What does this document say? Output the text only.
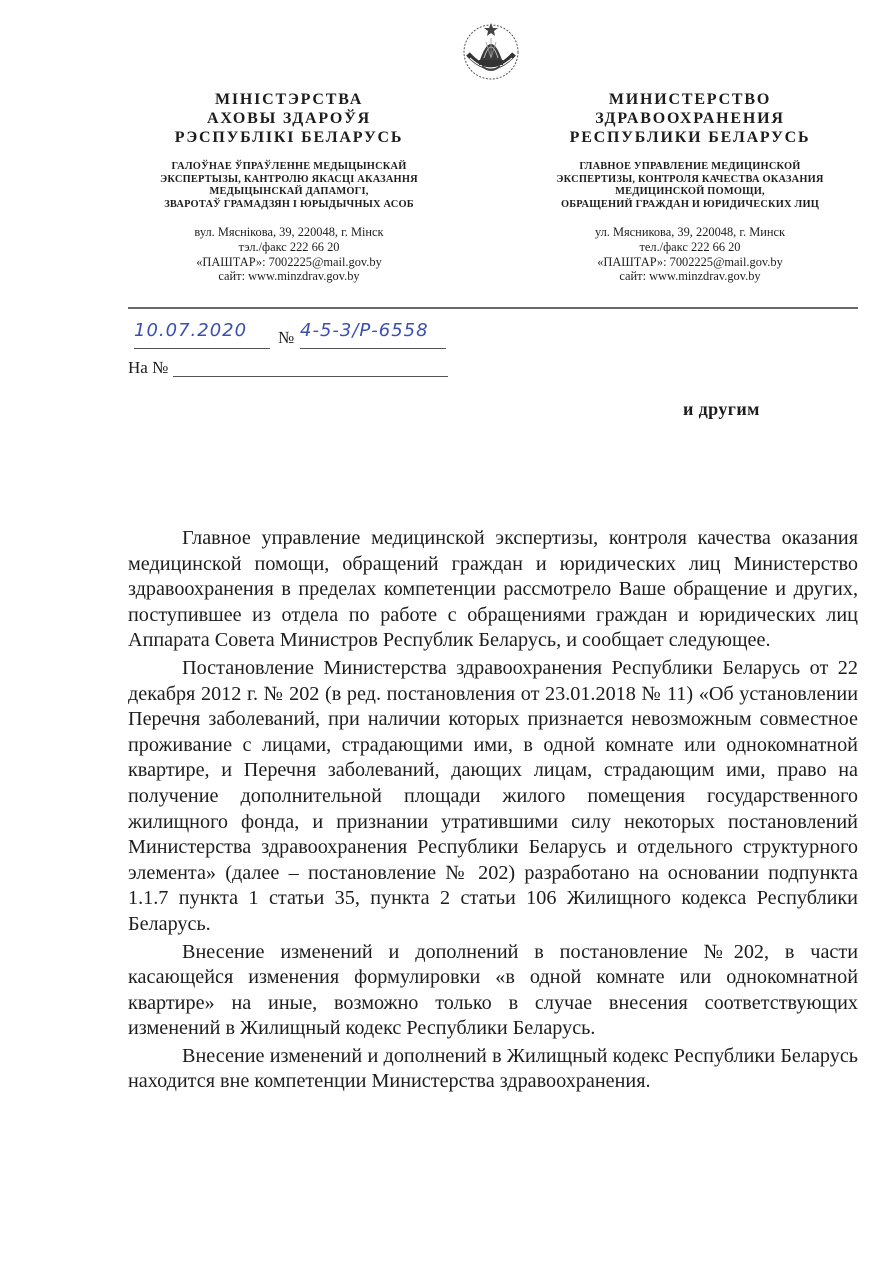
МІНІСТЭРСТВА
АХОВЫ ЗДАРОЎЯ
РЭСПУБЛІКІ БЕЛАРУСЬ
ГАЛОЎНАЕ ЎПРАЎЛЕННЕ МЕДЫЦЫНСКАЙ
ЭКСПЕРТЫЗЫ, КАНТРОЛЮ ЯКАСЦІ АКАЗАННЯ
МЕДЫЦЫНСКАЙ ДАПАМОГІ,
ЗВАРОТАЎ ГРАМАДЗЯН І ЮРЫДЫЧНЫХ АСОБ
вул. Мяснікова, 39, 220048, г. Мінск
тэл./факс 222 66 20
«ПАШТАР»: 7002225@mail.gov.by
сайт: www.minzdrav.gov.by
МИНИСТЕРСТВО
ЗДРАВООХРАНЕНИЯ
РЕСПУБЛИКИ БЕЛАРУСЬ
ГЛАВНОЕ УПРАВЛЕНИЕ МЕДИЦИНСКОЙ
ЭКСПЕРТИЗЫ, КОНТРОЛЯ КАЧЕСТВА ОКАЗАНИЯ
МЕДИЦИНСКОЙ ПОМОЩИ,
ОБРАЩЕНИЙ ГРАЖДАН И ЮРИДИЧЕСКИХ ЛИЦ
ул. Мясникова, 39, 220048, г. Минск
тел./факс 222 66 20
«ПАШТАР»: 7002225@mail.gov.by
сайт: www.minzdrav.gov.by
10.07.2020	№ 4-5-3/Р-6558
На №
и другим

Главное управление медицинской экспертизы, контроля качества оказания медицинской помощи, обращений граждан и юридических лиц Министерство здравоохранения в пределах компетенции рассмотрело Ваше обращение и других, поступившее из отдела по работе с обращениями граждан и юридических лиц Аппарата Совета Министров Республик Беларусь, и сообщает следующее.

Постановление Министерства здравоохранения Республики Беларусь от 22 декабря 2012 г. № 202 (в ред. постановления от 23.01.2018 № 11) «Об установлении Перечня заболеваний, при наличии которых признается невозможным совместное проживание с лицами, страдающими ими, в одной комнате или однокомнатной квартире, и Перечня заболеваний, дающих лицам, страдающим ими, право на получение дополнительной площади жилого помещения государственного жилищного фонда, и признании утратившими силу некоторых постановлений Министерства здравоохранения Республики Беларусь и отдельного структурного элемента» (далее – постановление № 202) разработано на основании подпункта 1.1.7 пункта 1 статьи 35, пункта 2 статьи 106 Жилищного кодекса Республики Беларусь.

Внесение изменений и дополнений в постановление №202, в части касающейся изменения формулировки «в одной комнате или однокомнатной квартире» на иные, возможно только в случае внесения соответствующих изменений в Жилищный кодекс Республики Беларусь.

Внесение изменений и дополнений в Жилищный кодекс Республики Беларусь находится вне компетенции Министерства здравоохранения.
